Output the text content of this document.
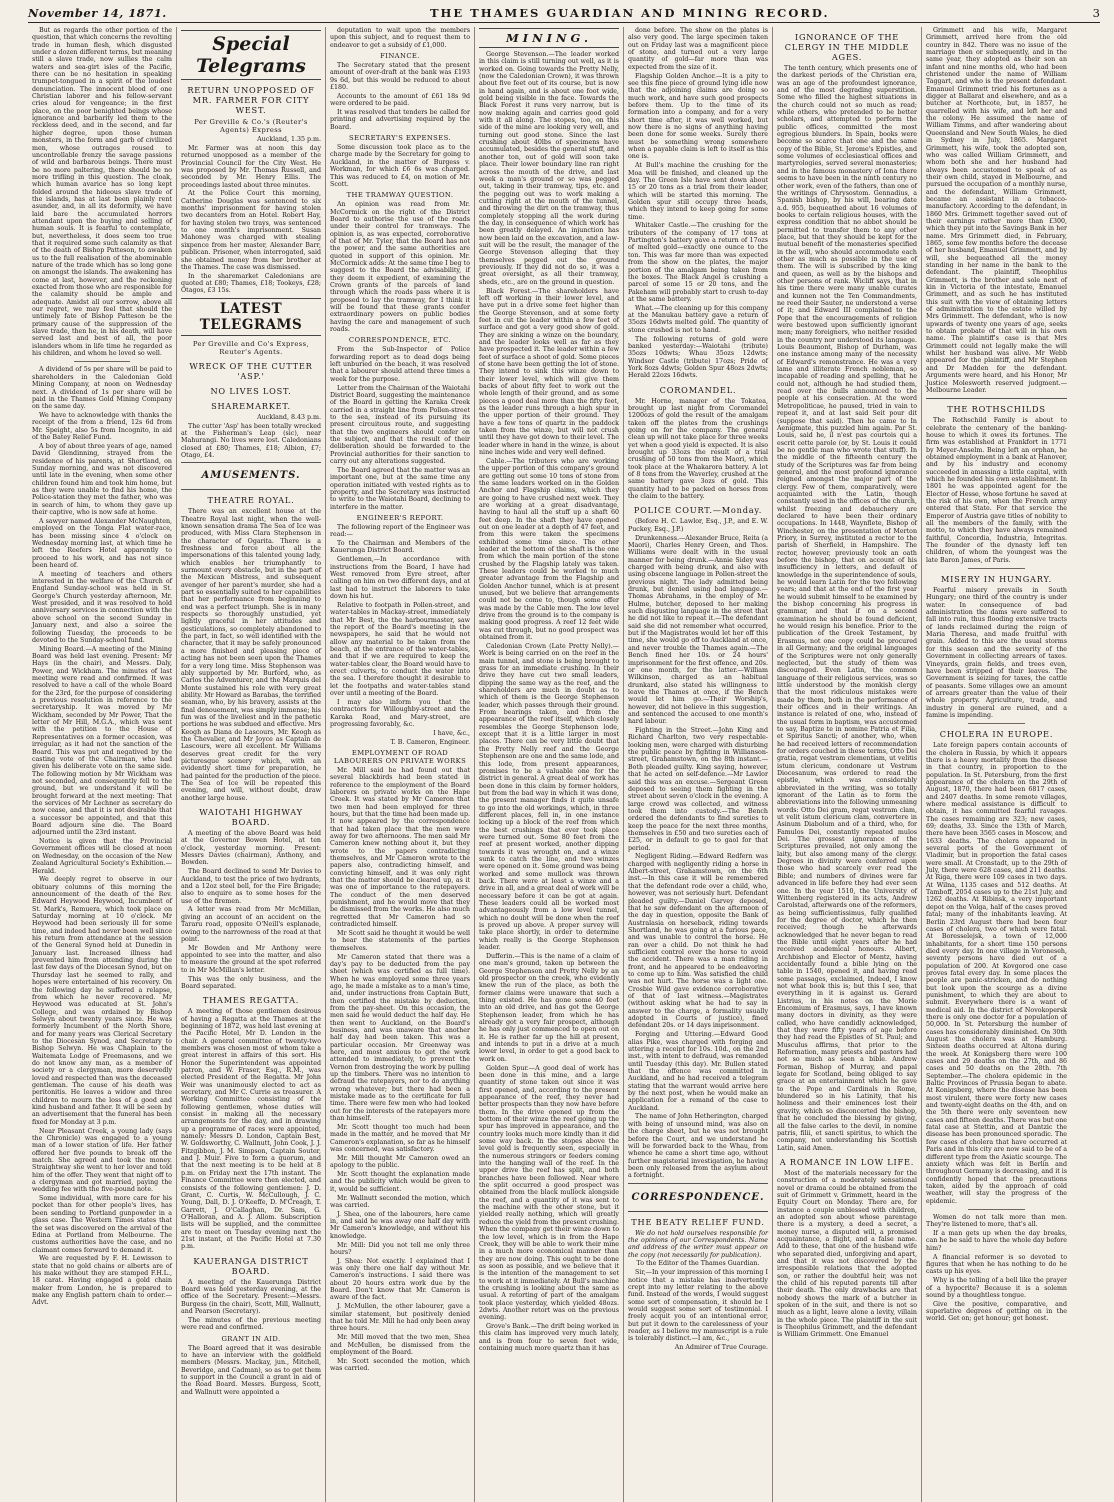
November 14, 1871.	THE THAMES GUARDIAN AND MINING RECORD.	3

But as regards the other portion of the question, that which concerns the revolting trade in human flesh, which disgusted under a dozen different terms, but meaning still a slave trade, now sullies the calm waters and sea-girt isles of the Pacific, there can be no hesitation in speaking trumpet-tongued in a spirit of the loudest denunciation. The innocent blood of one Christian laborer and his fellow-servant cries aloud for vengeance; in the first place, on the poor benighted beings whose ignorance and barbarity led them to the reckless deed, and in the second, and far higher degree, upon those human monsters, in the form and garb of civilized men, whose outrages roused to uncontrollable frenzy the savage passions of wild and barbarous beings. There must be no more paltering, there should be no more trifling in this question. The cloak, which human avarice has so long kept folded around the hideous slave trade of the islands, has at last been plainly rent asunder, and, in all its deformity, we have laid bare the accumulated horrors attendant upon the buying and selling of human souls. It is fearful to contemplate, but, nevertheless, it does seem too true that it required some such calamity as that of the death of Bishop Patteson, to awaken us to the full realisation of the abominable nature of the trade which has so long gone on amongst the islands. The awakening has come at last, however, and the reckoning exacted from those who are responsible for the calamity should be ample and adequate. Amidst all our sorrow, above all our regret, we may feel that should the untimely fate of Bishop Patteson be the primary cause of the suppression of the slave trade, then he, in his death, will have served last and best of all, the poor islanders whom in life time he regarded as his children, and whom he loved so well.

A dividend of 5s per share will be paid to shareholders in the Caledonian Gold Mining Company, at noon on Wednesday next. A dividend of 1s per share will be paid in the Thames Gold Mining Company on the same day.

We have to acknowledge with thanks the receipt of the from a friend, 12s 6d from Mr. Speight, also 5s from Incognito, in aid of the Batey Relief Fund.

A boy of about three years of age, named David Glendinning, strayed from the residence of his parents, at Shortland, on Sunday morning, and was not discovered until late in the evening, when some other children found him and took him home, but as they were unable to find his home, the Police-station they met the father, who was in search of him, to whom they gave up their captive, who is now safe at home.

A sawyer named Alexander McNaughten, employed on the Tonga Flat water-race, has been missing since 4 o'clock on Wednesday morning last, at which time he left the Reefers Hotel apparently to proceed to his work, and has not since been heard of.

A meeting of teachers and others interested in the welfare of the Church of England Sunday-school was held in St. George's Church yesterday afternoon, Mr. West presided, and it was resolved to hold anniversary services in connection with the above school on the second Sunday in January next, and also a soiree the following Tuesday, the proceeds to be devoted to the Sunday-school fund.

Mining Board.—A meeting of the Mining Board was held last evening. Present: Mr Hays (in the chair), and Messrs. Daly, Power, and Wickham. The minutes of last meeting were read and confirmed. It was resolved to have a call of the whole Board for the 23rd, for the purpose of considering a previous resolution in reference to the secretaryship. It was moved by Mr Wickham, seconded by Mr Power, That the letter of Mr Hill, M.G.A., which was sent with the petition to the House of Representatives on a former occasion, was irregular, as it had not the sanction of the Board. This was put and negatived by the casting vote of the Chairman, who had given his deliberate vote on the same side. The following motion by Mr Wickham was not seconded, and consequently fell to the ground, but we understand it will be brought forward at the next meeting: That the services of Mr Lechner as secretary do now cease, and that it is not desirable that a successor be appointed, and that this Board adjourn sine die. The Board adjourned until the 23rd instant.

Notice is given that the Provincial Government offices will be closed at noon on Wednesday, on the occasion of the New Zealand Agricultural Society's Exhibition.— Herald.

We deeply regret to observe in our obituary columns of this morning the announcement of the death of the Rev. Edward Heywood Heywood, Incumbent of St. Mark's, Remuera, which took place on Saturday morning at 10 o'clock. Mr Heywood had been seriously ill for some time, and indeed had never been well since his return from attendance at the session of the General Synod held at Dunedin in January last. Increased illness had prevented him from attending during the last few days of the Diocesan Synod, but on Thursday last he seemed to rally, and hopes were entertained of his recovery. On the following day he suffered a relapse, from which he never recovered. Mr Heywood was educated at St. John's College, and was ordained by Bishop Selwyn about twenty years since. He was formerly Incumbent of the North Shore, and for many years was Clerical Secretary to the Diocesan Synod, and Secretary to Bishop Selwyn. He was Chaplain to the Waitemata Lodge of Freemasons, and we do not know any man, as a member of society or a clergyman, more deservedly loved and respected than was the deceased gentleman. The cause of his death was peritonitis. He leaves a widow and three children to mourn the loss of a good and kind husband and father. It will be seen by an advertisement that the funeral has been fixed for Monday at 3 p.m.

Near Pleasant Creek, a young lady (says the Chronicle) was engaged to a young man of a lower station of life. Her father offered her five pounds to break off the match. She agreed and took the money. Straightway she went to her lover and told him of the offer. They went that night off to a clergyman and got married, paying the wedding fee with the five-pound note.

Some individual, with more care for his pocket than for other people's lives, has been sending to Portland gunpowder in a glass case. The Western Times states that the set was discovered on the arrival of the Edina at Portland from Melbourne. The customs authorities have the case, and no claimant comes forward to demand it.

We are requested by F. H. Lewisson to state that no gold chains or alberts are of his make without they are stamped F.H.L., 18 carat. Having engaged a gold chain maker from London, he is prepared to make any English pattern chain to order.—Advt.

Special Telegrams
RETURN UNOPPOSED OF MR. FARMER FOR CITY WEST.
Per Greville & Co.'s (Reuter's Agents) Express

Auckland, 1.35 p.m.

Mr. Farmer was at noon this day returned unopposed as a member of the Provincial Council for the City West. He was proposed by Mr. Thomas Russell, and seconded by Mr. Henry Ellis. The proceedings lasted about three minutes.

At the Police Court this morning, Catherine Douglas was sentenced to six months' imprisonment for having stolen two decanters from an Hotel. Robert Hay, for having stolen two trays, was sentenced to one month's imprisonment. Susan Mahoney was charged with stealing sixpence from her master, Alexander Barr, publican. Prisoner, when interrogated, said she obtained money from her brother at the Thames. The case was dismissed.

In the sharemarket Caledonians are quoted at £80; Thames, £18; Tookeys, £28; Otagos, £3 15s.

LATEST TELEGRAMS
Per Greville and Co's Express, Reuter's Agents.
WRECK OF THE CUTTER 'ASP.'
NO LIVES LOST.
SHAREMARKET.

Auckland, 8.43 p.m.

The cutter 'Asp' has been totally wrecked at the Fisherman's Leap (sic), near Mahurangi. No lives were lost. Caledonians closed at £80; Thames, £18; Albion, £7; Otago, £4.

AMUSEMENTS.
THEATRE ROYAL.

There was an excellent house at the Theatre Royal last night, when the well-known sensation drama The Sea of Ice was produced, with Miss Clara Stephenson in the character of Ogarita. There is a freshness and force about all the impersonations of this talented young lady, which enables her triumphantly to surmount every obstacle, but in the part of the Mexican Mistress, and subsequent avenger of her parent's murder, she had a part so essentially suited to her capabilities that her performance from beginning to end was a perfect triumph. She is in many respects so thoroughly unstudied, yet lightly graceful in her attitudes and gesticulations, so completely abandoned to the part, in fact, so well identified with the character, that it may be safely pronounced a more finished and pleasing piece of acting has not been seen upon the Thames for a very long time. Miss Stephenson was ably supported by Mr. Burford, who, as Carlos the Adventurer, and the Marquis del Monte sustained his role with very great ability. Mr Howard as Barabas, the terrified seaman, who, by his bravery, assists at the final denouement, was simply immense; his fun was of the liveliest and in the pathetic portions he was subdued and effective. Mrs Keogh as Diana de Lascours, Mr. Keogh as the Chevalier, and Mr Joyce as Captain de Lascours, were all excellent. Mr Williams deserves great credit for the very picturesque scenery which, with an evidently short time for preparation, he had painted for the production of the piece. The Sea of Ice will be repeated this evening, and will, without doubt, draw another large house.

WAIOTAHI HIGHWAY BOARD.

A meeting of the above Board was held at the Governor Bowen Hotel, at ten o'clock, yesterday morning. Present: Messrs Davies (chairman), Anthony, and Bowden.

The Board declined to send Mr Davies to Auckland, to test the price of two hydrants, and a 12oz steel bell, for the Fire Brigade; also to enquire as to some hoses for the use of the firemen.

A letter was read from Mr McMillan, giving an account of an accident on the Tararu road, opposite O'Neill's esplanade, owing to the narrowness of the road at that point.

Mr Bowden and Mr Anthony were appointed to see into the matter, and also to measure the ground at the spot referred to in Mr McMillan's letter.

This was the only business, and the Board separated.

THAMES REGATTA.

A meeting of those gentlemen desirous of having a Regatta at the Thames at the beginning of 1872, was held last evening at the Pacific Hotel, Mr D. London in the chair. A general committee of twenty-two members was chosen most of whom take a great interest in affairs of this sort. His Honor the Superintendent was appointed patron, and W. Fraser, Esq., R.M., was elected President of the Regatta. Mr John Weir was unanimously elected to act as secretary, and Mr C. Currie as treasurer. A Working Committee consisting of the following gentlemen, whose duties will consist in making all the necessary arrangements for the day, and in drawing up a programme of races were appointed, namely: Messrs D. London, Captain Best, W. Goldsworthy, C. Wallnutt, John Cook, J. J. Fitzgibbon, J. M. Simpson, Captain Souter, and J. Muir. Five to form a quorum, and that the next meeting is to be held at 8 p.m. on Friday next the 17th instant. The Finance Committee were then elected, and consists of the following gentlemen: J. D. Grant, C. Curtis, W. McCullough, J. C. Young, Dall, D. J. O'Keeffe, D. M'Creagh, T. Garrett, J. O'Callaghan, Dr. Sam, G. O'Halloran, and A. J. Allom. Subscription lists will be supplied, and the committee are to meet on Tuesday evening next the 21st instant, at the Pacific Hotel at 7.30 p.m.

KAUERANGA DISTRICT BOARD.

A meeting of the Kauerunga District Board was held yesterday evening, at the office of the Secretary. Present:—Messrs. Burgess (in the chair), Scott, Mill, Wallnutt, and Pearson (Secretary).

The minutes of the previous meeting were read and confirmed.

GRANT IN AID.

The Board agreed that it was desirable to have an interview with the goldfield members (Messrs. Mackay, jun., Mitchell, Beveridge, and Cadman), so as to get them to support in the Council a grant in aid of the Road Board. Messrs. Burgess, Scott, and Wallnutt were appointed a

deputation to wait upon the members upon this subject, and to request them to endeavor to get a subsidy of £1,000.

FINANCE.

The Secretary stated that the present amount of over-draft at the bank was £193 9s 6d, but this would be reduced to about £180.

Accounts to the amount of £61 18s 9d were ordered to be paid.

It was resolved that tenders be called for printing and advertising required by the Board.

SECRETARY'S EXPENSES.

Some discussion took place as to the charge made by the Secretary for going to Auckland, in the matter of Burgess v. Workman, for which £6 6s was charged. This was reduced to £4, on motion of Mr. Scott.

THE TRAMWAY QUESTION.

An opinion was read from Mr. McCormick on the right of the District Board to authorise the use of the roads under their control for tramways. The opinion is, as was expected, corroborative of that of Mr. Tyler, that the Board has not the power, and the same authorities are quoted in support of this opinion. Mr. McCormick adds: At the same time I beg to suggest to the Board the advisability, if they deem it expedient, of examining the Crown grants of the parcels of land through which the roads pass where it is proposed to lay the tramway, for I think it will be found that these grants confer extraordinary powers on public bodies having the care and management of such roads.

CORRESPONDENCE, ETC.

From the Sub-Inspector of Police forwarding report as to dead dogs being left unburied on the beach, it was resolved that a labourer should attend three times a week for the purpose.

Letter from the Chairman of the Waiotahi District Board, suggesting the maintenance of the Board in getting the Karaka Creek carried in a straight line from Pollen-street to the sea, instead of its pursuing its present circuitous route, and suggesting that the two engineers should confer on the subject, and that the result of their deliberation should be forwarded to the Provincial authorities for their sanction to carry out any alterations suggested.

The Board agreed that the matter was an important one, but at the same time any operation initiated with vested rights as to property, and the Secretary was instructed to write to the Waiotahi Board, declining to interfere in the matter.

ENGINEER'S REPORT.

The following report of the Engineer was read:—

To the Chairman and Members of the Kauerunga District Board.

Gentlemen,—In accordance with instructions from the Board, I have had West removed from Eyre street, after calling on him on two different days, and at last had to instruct the laborers to take down his hut.

Relative to footpath in Pollen-street, and water-tables in Mackay-street, immediately that Mr Best, the the harbourmaster, saw the report of the Board's meeting in the newspapers, he said that he would not allow any material to be taken from the beach, at the entrance of the water-tables, and that if we are required to keep the water-tables clear, the Board would have to erect culverts, to conduct the water into the sea. I therefore thought it desirable to let the footpaths and water-tables stand over until a meeting of the Board.

I may also inform you that the contractors for Willoughby-street and the Karaka Road, and Mary-street, are progressing favorably, &c.

I have, &c.,

T. B. Cameron, Engineer.

EMPLOYMENT OF ROAD LABOURERS ON PRIVATE WORKS

Mr. Mill said he had found out that several blackbirds had been stated in reference to the employment of the Board laborers on private works on the Hape Creek. It was stated by Mr Cameron that two men had been employed for three hours, but that the time had been made up. It now appeared by the correspondence that had taken place that the men were away for two afternoons. The men said Mr Cameron knew nothing about it, but they wrote to the papers contradicting themselves, and Mr Cameron wrote to the papers also, contradicting himself, and convicting himself, and it was only right that the matter should be cleared up, as it was one of importance to the ratepayers. The conduct of the men deserved punishment, and he would move that they be dismissed from the works. He also much regretted that Mr Cameron had so contradicted himself.

Mr Scott said he thought it would be well to hear the statements of the parties themselves.

Mr Cameron stated that there was a day's pay to be deducted from the pay sheet (which was certified as full time). When he was employed some three years ago, he made a mistake as to a man's time, and, under instructions from Captain Butt, then certified the mistake by deduction, from the pay-sheet. On this occasion, the men said he would deduct the half day. He then went to Auckland, on the Board's business, and was unaware that another half day had been taken. This was a particular occasion. Mr Greenway was here, and most anxious to get the work attended to immediately, to prevent the Vernon from destroying the work by pulling up the timbers. There was no intention to defraud the ratepayers, nor to do anything wrong whatever; but there had been a mistake made as to the certificate for full time. There were few men who had looked out for the interests of the ratepayers more than himself.

Mr. Scott thought too much had been made in the matter, and he moved that Mr Cameron's explanation, so far as he himself was concerned, was satisfactory.

Mr. Mill thought Mr Cameron owed an apology to the public.

Mr. Scott thought the explanation made and the publicity which would be given to it, would be sufficient.

Mr. Wallnutt seconded the motion, which was carried.

J. Shea, one of the labourers, here came in, and said he was away one half day with Mr Cameron's knowledge, and without his knowledge.

Mr. Mill: Did you not tell me only three hours?

J. Shea: Not exactly. I explained that I was only there one half day without Mr. Cameron's instructions. I said there was about 20 hours extra work due by the Board. Don't know that Mr. Cameron is aware of the fact.

J. McMullen, the other labourer, gave a similar statement, but positively denied that he told Mr. Mill he had only been away three hours.

Mr. Mill moved that the two men, Shea and McMullen, be dismissed from the employment of the Board.

Mr. Scott seconded the motion, which was carried.

MINING.

George Stevenson.—The leader worked in this claim is still turning out well, as it is worked on. Going towards the Pretty Nelly, (now the Caledonian Crown), it was thrown about five feet out of its course, but is now in hand again, and is about one foot wide, gold being visible in the face. Towards the Black Forest it runs very narrow, but is now making again and carries good gold with it all along. The stopes, too, on this side of the mine are looking very well, and turning out good stone. Since the last crushing about 40lbs of specimens have accumulated, besides the general stuff, and another ton, out of gold will soon take place. Their lower boundary line ran right across the mouth of the drive, and last week a man's ground or so was pegged out, taking in their tramway, tips, etc. and the pegging out was to work making a cutting right at the mouth of the tunnel, and throwing the dirt on the tramway, thus completely stopping all the work during the day, in consequence of which work has been greatly delayed. An injunction has now been laid on the excavation, and a law-suit will be the result, the manager of the George Stevenson alleging that they themselves pegged out the ground previously. If they did not do so, it was a great oversight, as all their tramway, sheds, etc., are on the ground in question.

Black Forest.—The shareholders have left off working in their lower level, and have put in a drive some feet higher than the George Stevenson, and at some forty feet in cut the leader within a few feet of surface and got a very good show of gold. They are sinking a winze on the boundary, and the leader looks well as far as they have prospected it. The leader within a few feet of surface a shoot of gold. Some pieces of stone have been getting the lot of stone. They intend to sink this winze down to their lower level, which will give them backs of about fifty feet to work out the whole length of their ground, and as some pieces a good deal more than the fifty feet, as the leader runs through a high spur in the upper portion of their ground. They have a few tons of quartz in the paddock taken from the winze, but will not crush until they have got down to their level. The leader where in hand in the winze, is about nine inches wide and very well defined.

Cable.—The tributers who are working the upper portion of this company's ground are getting out some 10 tons of stone from the same leaders worked on in the Golden Anchor and Flagship claims, which they are going to have crushed next week. They are working at a great disadvantage, having to haul all the stuff up a shaft 60 feet deep. In the shaft they have opened out on one leader at a depth of 47 feet, and from this were taken the specimens exhibited some time since. The other leader at the bottom of the shaft is the one from which the main portion of the stone crushed by the Flagship lately was taken. These leaders could be worked to much greater advantage from the Flagship and Golden Anchor tunnel, which is at present unused, but we believe that arrangements could not be come to, though some offer was made by the Cable men. The low level drive from the ground is to the company is making good progress. A reef 12 feet wide was cut through, but no good prospect was obtained from it.

Caledonian Crown (Late Pretty Nelly).—Work is being carried on on the reef in the main tunnel, and stone is being brought to grass for an immediate crushing. In their drive they have cut two small leaders, dipping the same way as the reef, and the shareholders are much in doubt as to which of them is the George Stephenson leader, which passes through their ground. From bearings taken, and from the appearance of the reef itself, which closely resembles the George Stephenson lode, except that it is a little larger in most places. There can be very little doubt that the Pretty Nelly reef and the George Stephenson are one and the same lode, and this lode, from present appearances, promises to be a valuable one for the district in general. A great deal of work has been done in this claim by former holders, but from the bad way in which it was done, the present manager finds it quite unsafe to go into the old workings, which, in three different places, fell in, in one instance locking up a block of the reef from which the best crushings that ever took place were turned out. Some 80 feet from the reef at present worked, another dipping towards it was wrought on, and a winze sunk to catch the line, and two winzes were opened on it. Some ground was being worked and some mullock was thrown back. There were at least a winze and a drive in all, and a great deal of work will be necessary before it can be got at again. These leaders could all be worked most advantageously from a low level tunnel, which no doubt will be done when the reef is proved up above. A proper survey will take place shortly, in order to determine which really is the George Stephenson leader.

Dufferin.—This is the name of a claim of one man's ground, taken up between the George Stephenson and Pretty Nelly by an old prospector on the creek, who evidently knew the run of the place, as both the former claims were unaware that such a thing existed. He has gone some 40 feet into an old drive, and has got the George Stephenson leader, from which he has already got a very fair prospect, although he has only just commenced to open out on it. He is rather far up the hill at present, and intends to put in a drive at a much lower level, in order to get a good back to work on.

Golden Spur.—A good deal of work has been done in this mine, and a large quantity of stone taken out since it was first opened, and, according to the present appearance of the reef, they never had better prospects than they now have before them. In the drive opened up from the bottom of their winze the reef going up the spur has improved in appearance, and the country looks much more kindly than it did some way back. In the stopes above the level gold is frequently seen, especially in the numerous stringers or feeders coming into the hanging wall of the reef. In the upper drive the reef has split, and both branches have been followed. Near where the split occurred a good prospect was obtained from the black mullock alongside the reef, and a quantity of it was sent to the machine with the other stone, but it yielded really nothing, which will greatly reduce the yield from the present crushing. When the company get their winze down to the low level, which is in from the Hape Creek, they will be able to work their mine in a much more economical manner than they are now doing. This ought to be done as soon as possible, and we believe that it is the intention of the management to set to work at it immediately. At Bull's machine the crushing is looking about the same as usual. A retorting of part of the amalgam took place yesterday, which yielded 48ozs. 2dwts. Another retort was on the previous evening.

Grove's Bank.—The drift being worked in this claim has improved very much lately, and is from four to seven feet wide, containing much more quartz than it has

done before. The show on the plates is also very good. The large specimen taken out on Friday last was a magnificent piece of stone, and turned out a very large quantity of gold—far more than was expected from the size of it.

Flagship Golden Anchor.—It is a pity to see this fine piece of ground lying idle now that the adjoining claims are doing so much work, and have such good prospects before them. Up to the time of its formation into a company, and for a very short time after, it was well worked, but now there is no signs of anything having been done for some weeks. Surely there must be something wrong somewhere when a payable claim is left to itself as this one is.

At Bull's machine the crushing for the Moa will be finished, and cleaned up the day. The Green Isle have sent down about 15 or 20 tons as a trial from their leader, which will be started this morning. The Golden spur still occupy three heads, which they intend to keep going for some time.

Whitaker Castle.—The crushing for the tributers of the company of 17 tons at Partington's battery gave a return of 17ozs of melted gold—exactly one ounce to the ton. This was far more than was expected from the show on the plates, the major portion of the amalgam being taken from the boxes. The Black Angel is crushing a parcel of some 15 or 20 tons, and the Pakeham will probably start to crush to-day at the same battery.

What.—The cleaning up for this company at the Manukau battery gave a return of 35ozs 16dwts melted gold. The quantity of stone crushed is not to hand.

The following returns of gold were banked yesterday:—Waiotahi (tribute) 35ozs 10dwts; Whau 35ozs 12dwts; Windsor Castle (tribute) 17ozs; Pride of York 8ozs 4dwts; Golden Spur 48ozs 2dwts; Herald 22ozs 16dwts.

COROMANDEL.

Mr. Horne, manager of the Tokatea, brought up last night from Coromandel 1200ozs of gold the result of the amalgam taken off the plates from the crushings going on for the company. The general clean up will not take place for three weeks yet when a good yield is expected. It is also brought up 33ozs the result of a trial crushing of 50 tons from the Maori, which took place at the Whakarora battery. A lot of 8 tons from the Waverley, crushed at the same battery gave 3ozs of gold. This quantity had to be packed on horses from the claim to the battery.

POLICE COURT.—Monday.

(Before H. C. Lawlor, Esq., J.P., and E. W. Puckey, Esq., J.P.)

Drunkenness.—Alexander Bruce, Reita (a Maori), Charles Henry Green, and Thos. Williams were dealt with in the usual manner for being drunk.—Annie Sidey was charged with being drunk, and also with using obscene language in Pollen-street the previous night. The lady admitted being drunk, but denied using bad language.—Thomas Abrahams, in the employ of Mr. Hulme, butcher, deposed to her making such disgusting language in the street that he did not like to repeat it.—The defendant said she did not remember what occurred, but if the Magistrates would let her off this time, she would go off to Auckland at once, and never trouble the Thames again.—The Bench fined her 10s. or 24 hours' imprisonment for the first offence, and 20s. or one month, for the latter.—William Wilkinson, charged as an habitual drunkard, also stated his willingness to leave the Thames at once, if the Bench would let him go.—Their Worship's, however, did not believe in this suggestion, and sentenced the accused to one month's hard labour.

Fighting in the Street.—John King and Richard Charlton, two very respectable-looking men, were charged with disturbing the public peace by fighting in Willianson-street, Grahamstown, on the 8th instant.—Both pleaded guilty. King saying, however, that he acted on self-defence.—Mr Lawlor said this was an excuse.—Sergeant Green deposed to seeing them fighting in the street about seven o'clock in the evening. A large crowd was collected, and witness took them into custody.—The Bench ordered the defendants to find sureties to keep the peace for the next three months, themselves in £50 and two sureties each of £25, or in default to go to gaol for that period.

Negligent Riding.—Edward Redfern was charged with negligently riding a horse in Albert-street, Grahamstown, on the 6th inst.—In this case it will be remembered that the defendant rode over a child, who, however, was not seriously hurt. Defendant pleaded guilty.—Daniel Garvey deposed, that he saw defendant on the afternoon of the day in question, opposite the Bank of Australasia on horseback, riding towards Shortland, he was going at a furious pace, and was unable to control the horse. He ran over a child. Do not think he had sufficient control over the horse to avoid the accident. There was a man riding in front, and he appeared to be endeavoring to come up to him. Was satisfied the child was not hurt. The horse was a light one. Crosbie Wild gave evidence corroborative of that of last witness.—Magistrates (without asking what he had to say in answer to the charge, a formality usually adopted in Courts of justice), fined defendant 20s. or 14 days imprisonment.

Forging and Uttering.—Edward Good alias Pike, was charged with forging and uttering a receipt for 10s. 10d., on the 2nd inst., with intent to defraud, was remanded until Tuesday (this day). Mr. Bullen stated that the offence was committed in Auckland, and he had received a telegram stating that the warrant would arrive here by the next post, when he would make an application for a remand of the case to Auckland.

The name of John Hetherington, charged with being of unsound mind, was also on the charge sheet, but he was not brought before the Court, and we understand he will be forwarded back to the Whau, from whence he came a short time ago, without further magisterial investigation, he having been only released from the asylum about a fortnight.

CORRESPONDENCE.
THE BEATY RELIEF FUND.

We do not hold ourselves responsible for the opinions of our Correspondents. Name and address of the writer must appear on the copy (not necessarily for publication).

To the Editor of the Thames Guardian.

Sir,—In your impression of this morning I notice that a mistake has inadvertently crept into my letter relating to the above fund. Instead of the words, I would suggest some sort of compensation, it should be I would suggest some sort of testimonial. I freely acquit you of an intentional error, but put it down to the carelessness of your reader, as I believe my manuscript is a rule is tolerably distinct.—I am, &c.,

An Admirer of True Courage.

IGNORANCE OF THE CLERGY IN THE MIDDLE AGES.

The tenth century, which presents one of the darkest periods of the Christian era, was an age of the profoundest ignorance, and of the most degrading superstition. Some who filled the highest situations in the church could not so much as read; while others, who pretended to be better scholars, and attempted to perform the public offices, committed the most egregious blunders. In Spain, books were become so scarce that one and the same copy of the Bible, St. Jerome's Epistles, and some volumes of ecclesiastical offices and martyrologies, served several monasteries; and in the famous monastery of Iona there seems to have been in the ninth century no other work, even of the fathers, than one of the writings of Chrysostom. Gennadius, a Spanish bishop, by his will, bearing date a.d. 955, bequeathed about 16 volumes of books to certain religious houses, with the express condition that no abbot should be permitted to transfer them to any other place, but that they should be kept for the mutual benefit of the monasteries specified in the will, who should accommodate each other as much as possible in the use of them. The will is subscribed by the king and queen, as well as by the bishops and other persons of rank. Wicliff says, that in his time there were many unable curates and kunnen not the Ten Commandments, ne reed their Sauter, ne understond a verse of it; and Edward III complained to the Pope that the encouragements of religion were bestowed upon sufficiently ignorant men; many foreigners, who neither resided in the country nor understood its language. Louis Beaumont, Bishop of Durham, was one instance among many of the necessity of Edward's remonstrance. He was a very lame and illiterate French nobleman, so incapable of reading and spelling, that he could not, although he had studied them, read over the bulls announced to the people at his consecration. At the word Metropoliticae, he paused, tried in vain to repeat it, and at last said Seit pour dit (suppose that said). Then he came to In Aenigmate, this puzzled him again. Par St. Louis, said he, il n'est pas courtois qui a escrit cette parole (or, by St. Louis it could be no gentle man who wrote that stuff). In the middle of the fifteenth century the study of the Scriptures was far from being general, and the most profound ignorance reigned amongst the major part of the clergy. Few of them, comparatively, were acquainted with the Latin, though constantly used in the offices of the church, whilst freezing and debauchery are declared to have been their ordinary occupations. In 1448, Waynflete, Bishop of Winchester, on the presentation of Merton Priory, in Surrey, instituted a rector to the parish of Sherfield, in Hampshire. The rector, however, previously took an oath before the bishop, that on account of his insufficiency in letters, and default of knowledge in the superintendence of souls, he would learn Latin for the two following years; and that at the end of the first year he would submit himself to be examined by the bishop concerning his progress in grammar, and that if on a second examination he should be found deficient, he would resign his benefice. Prior to the publication of the Greek Testament, by Erasmus, not one copy could be procured in all Germany; and the original languages of the Scriptures were not only generally neglected, but the study of them was discouraged. Even Latin, the common language of their religious services, was so little understood by the monkish clergy that the most ridiculous mistakes were made by them, both in the performance of their offices and in their writings. An instance is related of one, who, instead of the usual form in baptism, was accustomed to say, Baptize te in nomine Patria et Filia, et Spiritus Sancti; of another, who, when he had received letters of recommendation for orders couched in these terms, Otto Dei gratia, regat vestram clementiam, ut velitis istum clericum, condonare ut Vestrum Diocesanum, was ordered to read the epistle, which was considerably abbreviated in the writing, was so totally ignorant of the Latin as to form the abbreviations into the following unmeaning words: Otto Dei gram, regat vestram clam, ut velit istum clericum clam, convertere in Asinum Diabolum and of a third, who, for Famulos Dei, constantly repeated mulos Dei. The grossest ignorance of the Scriptures prevailed, not only among the laity, but also among many of the clergy. Degrees in divinity were conferred upon those who had scarcely ever read the Bible; and numbers of divines were far advanced in life before they had ever seen one. In the year 1510, the University of Wittenberg registered in its acts, Andrew Carolstad, afterwards one of the reformers, as being sufficientissimus, fully qualified for the degree of doctor, which he then received; though he afterwards acknowledged that he never began to read the Bible until eight years after he had received academical honours. Albert, Archbishop and Elector of Mentz, having accidentally found a bible lying on the table in 1540, opened it, and having read some passages, exclaimed, Indeed, I know not what book this is; but this I see, that everything in it is against us. Gerard Listrius, in his notes on the Morie Encomium of Erasmus, says, I have known many doctors in divinity, as they were called, who have candidly acknowledged, that they were fifty years of age before they had read the Epistles of St. Paul; and Musculus affirms, that prior to the Reformation, many priests and pastors had not so much as seen a bible. Andrew Forman, Bishop of Murray, and papal legate for Scotland, being obliged to say grace at an entertainment which he gave to the Pope and Cardinals in Rome, blundered so in his Latinity, that his holiness and their eminences lost their gravity, which so disconcerted the bishop, that he concluded the blessing by giving, all the false carles to the devil, in nomine patris, filii, et sancti spiritus, to which the company, not understanding his Scottish Latin, said Amen.

A ROMANCE IN LOW LIFE.

Most of the materials necessary for the construction of a moderately sensational novel or drama could be obtained from the suit of Grimmett v. Grimmett, heard in the Equity Court on Monday. There are, for instance a couple unblessed with children, an adopted son about whose parentage there is a mystery, a deed a secret, a money nurse, a disputed will, a promised acquaintance, a flight, and a false name. Add to these, that one of the husband wife who separated died, unforgiving and apart, and that it was not discovered by the irresponsible relations that the adopted son, or rather the doubtful heir, was not the child of his reputed parents till after their death. The only drawbacks are that nobody shows the mark of a butcher in spoken of in the suit, and there is not so much as a light, leave alone a levity, villain in the whole piece. The plaintiff in the suit is Theophilus Grimmett, and the defendant is William Grimmett. One Emanuel

Grimmett and his wife, Margaret Grimmett, arrived here from the old country in 842. There was no issue of the marriage then or subsequently, and in the same year, they adopted as their son an infant and nine months old, who had been christened under the name of William Taggart, and who is the present defendant. Emanuel Grimmett tried his fortunes as a digger at Ballarat and elsewhere, and as a butcher at Northcote, but, in 1857, he quarrelled with his wife, and left her and the colony. He assumed the name of William Timms, and after wandering about Queensland and New South Wales, he died in Sydney in July, 1865. Margaret Grimmett, his wife, took the adopted son, who was called William Grimmett, and whom both she and her husband had always been accustomed to speak of as their own child, stayed in Melbourne, and pursued the occupation of a monthly nurse, and the defendant, William Grimmett, became an assistant in a tobacco-manufactory. According to the defendant, in 1860 Mrs. Grimmett together saved out of their earnings rather more than £300, which they put into the Savings Bank in her name. Mrs Grimmett died, in February, 1865, some few months before the decease of her husband, Emanuel Grimmett, and by will, she bequeathed all the money standing in her name in the bank to the defendant. The plaintiff, Theophilus Grimmett, is the brother and sole next of kin in Victoria of the intestate, Emanuel Grimmett, and as such he has instituted this suit with the view of obtaining letters of administration to the estate willed by Mrs Grimmett. The defendant, who is now upwards of twenty one years of age, seeks to obtain probate of that will in his own name. The plaintiff's case is that Mrs Grimmett could not legally make the will whilst her husband was alive. Mr Webb appeared for the plaintiff, and Mr Stephen and Dr Madden for the defendant. Arguments were heard, and his Honor, Mr Justice Molesworth reserved judgment.—Melbourne Leader.

THE ROTHSCHILDS

The Rothschild Family is about to celebrate the centenary of the banking-house to which it owes its fortunes. The firm was established at Frankfort in 1771 by Meyer-Anselm. Being left an orphan, he obtained employment in a bank at Hanover, and by his industry and economy succeeded in amassing a little capital, with which he founded his own establishment. In 1801 he was appointed agent for the Elector of Hesse, whose fortune he saved at the risk of his own, when the French army entered that State. For that service the Emperor of Austria gave titles of nobility to all the members of the family, with the motto, to which they have always remained faithful, Concordia, Industria, Integritas. The founder of the dynasty left ten children, of whom the youngest was the late Baron James, of Paris.

MISERY IN HUNGARY.

Fearful misery prevails in South Hungary; one third of the country is under water. In consequence of bad administration the dams were suffered to fall into ruin, thus flooding extensive tracts of lands reclaimed during the reign of Maria Theresa, and made fruitful with grain. Added to this are the usual storms for this season and the severity of the Government in collecting arrears of taxes. Vineyards, grain fields, and trees even, have been stripped of their leaves. The Government is seizing for taxes, the cattle of peasants. Some villages owe an amount of arrears greater than the value of their whole property. Agriculture, trade, and industry in general are ruined, and a famine is impending.

CHOLERA IN EUROPE.

Late foreign papers contain accounts of the cholera in Russia, by which it appears there is a heavy mortality from the disease in that country, in proportion to the population. In St. Petersburg, from the first appearance of the cholera on the 29th of August, 1870, there had been 6817 cases, and 2407 deaths. In some remote villages, where medical assistance is difficult to obtain, it has committed fearful ravages. The cases remaining are 323; new cases, 69; deaths, 33. Since the 13th of March, there have been 3565 cases in Moscow, and 1633 deaths. The cholera appeared in several ports of the Government of Vladimir, but in proportion the fatal cases were small. At Cronstadt, up to the 29th of July, there were 628 cases, and 211 deaths. At Riga, there were 109 cases in two days. At Wilna, 1135 cases and 512 deaths. At Tamboff, 2054 cases up to the 21st July, and 1262 deaths. At Ribinsk, a very important depot on the Volga, half of the cases proved fatal; many of the inhabitants leaving. At Berlin 23rd August there had been four cases of cholera, two of which were fatal. At Boresselejsk, a town of 12,000 inhabitants, for a short time 150 persons died every day. In one village in Voroneseh, seventy persons have died out of a population of 200. At Kovgorod one case proves fatal every day. In some places the people are panic-stricken, and do nothing but look upon the scourge as a divine punishment, to which they are about to submit. Everywhere there is a want of medical aid. In the district of Novokopersk there is only one doctor for a population of 50,000. In St. Petersburg the number of cases has considerably diminished. On 30th August the cholera was at Hamburg. Sixteen deaths occurred at Altona during the week. At Konigsberg there were 100 cases and 29 deaths on the 27th, and 86 cases and 50 deaths on the 28th. 7th September.—The cholera epidemic in the Baltic Provinces of Prussia began to abate. At Konigsberg, where the disease has been most virulent, there were forty new cases and twenty-eight deaths on the 4th, and on the 5th there were only seventeen new cases and fifteen deaths. There was but one fatal case at Stettin, and at Dantzic the disease has been pronounced sporadic. The few cases of cholera that have occurred at Paris and in this city are now said to be of a different type from the Asiatic scourge. The anxiety which was felt in Berlin and throughout Germany is decreasing, and it is confidently hoped that the precautions taken, aided by the approach of cold weather, will stay the progress of the epidemic.

Women do not talk more than men. They're listened to more, that's all.

If a man gets up when the day breaks, can he be said to have the whole day before him?

A financial reformer is so devoted to figures that when he has nothing to do he casts up his eyes.

Why is the tolling of a bell like the prayer of a hypocrite? Because it is a solemn sound by a thoughtless tongue.

Give the positive, comparative, and superlative degrees of getting on in the world. Get on; get honour; get honest.
